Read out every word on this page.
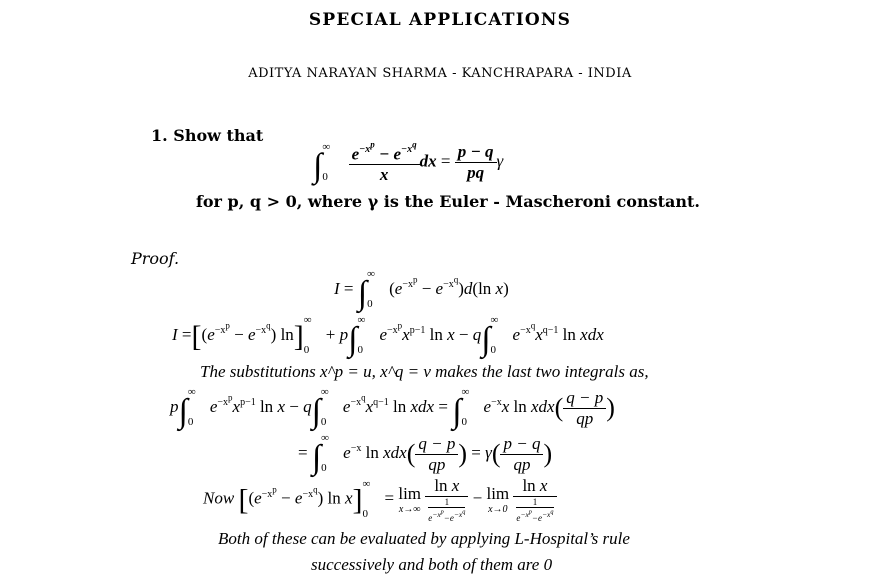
SPECIAL APPLICATIONS
ADITYA NARAYAN SHARMA - KANCHRAPARA - INDIA
1. Show that
∫
∞
0
$\frac{e^{-x^p} - e^{-x^q}}{x}$ dx = $\frac{p - q}{pq}$ γ
for p, q > 0, where γ is the Euler - Mascheroni constant.
Proof.
I = ∫
∞
0
$(e^{-x^p} - e^{-x^q})d(\ln$ x)
$I =[(e^{-x^p} - e^{-x^q})$ ln] ∞
0
+ p∫
∞
0
$e^{-x^p}x^{p-1}$ ln x − q∫
∞
0
$e^{-x^q}x^{q-1}$ ln xdx
The substitutions x^p = u, x^q = v makes the last two integrals as,
p∫
∞
0
$e^{-x^p}x^{p-1}$ ln x − q∫
∞
0
$e^{-x^q}x^{q-1}$ ln xdx = ∫
∞
0
$e^{-x}x$ $\ln xdx( \frac{q - p}{qp}$ )
= ∫
∞
0
$e^{-x}$ $\ln xdx( \frac{q - p}{qp}$ ) = $\gamma( \frac{p - q}{qp}$ )
Now [$(e^{-x^p} - e^{-x^q})$ ln x] ∞
0
= lim
x→∞
ln x
1
$e^{-x^p}-e^{-x^q} - \lim$
x→0
ln x
1
$e^{-x^p}-e^{-x^q}$
Both of these can be evaluated by applying L-Hospital’s rule
successively and both of them are 0
